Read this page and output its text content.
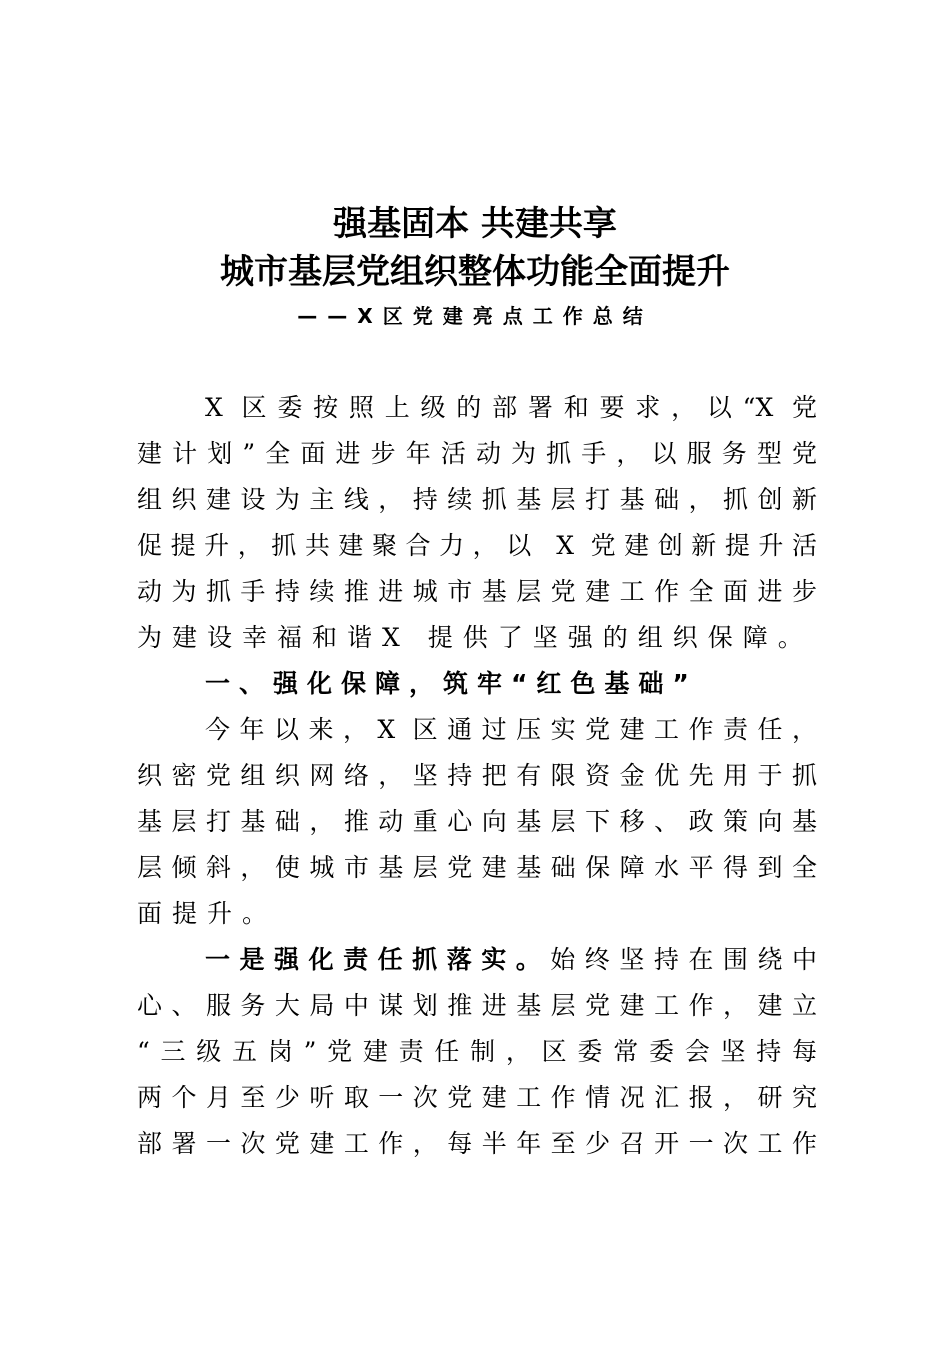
强基固本 共建共享
城市基层党组织整体功能全面提升
——X区党建亮点工作总结
X 区委按照上级的部署和要求，以“X 党
建计划”全面进步年活动为抓手，以服务型党
组织建设为主线，持续抓基层打基础，抓创新
促提升，抓共建聚合力，以 X 党建创新提升活
动为抓手持续推进城市基层党建工作全面进步
为建设幸福和谐X 提供了坚强的组织保障。
一、强化保障，筑牢“红色基础”
今年以来，X 区通过压实党建工作责任，
织密党组织网络，坚持把有限资金优先用于抓
基层打基础，推动重心向基层下移、政策向基
层倾斜，使城市基层党建基础保障水平得到全
面提升。
一是强化责任抓落实。始终坚持在围绕中
心、服务大局中谋划推进基层党建工作，建立
“三级五岗”党建责任制，区委常委会坚持每
两个月至少听取一次党建工作情况汇报，研究
部署一次党建工作，每半年至少召开一次工作
